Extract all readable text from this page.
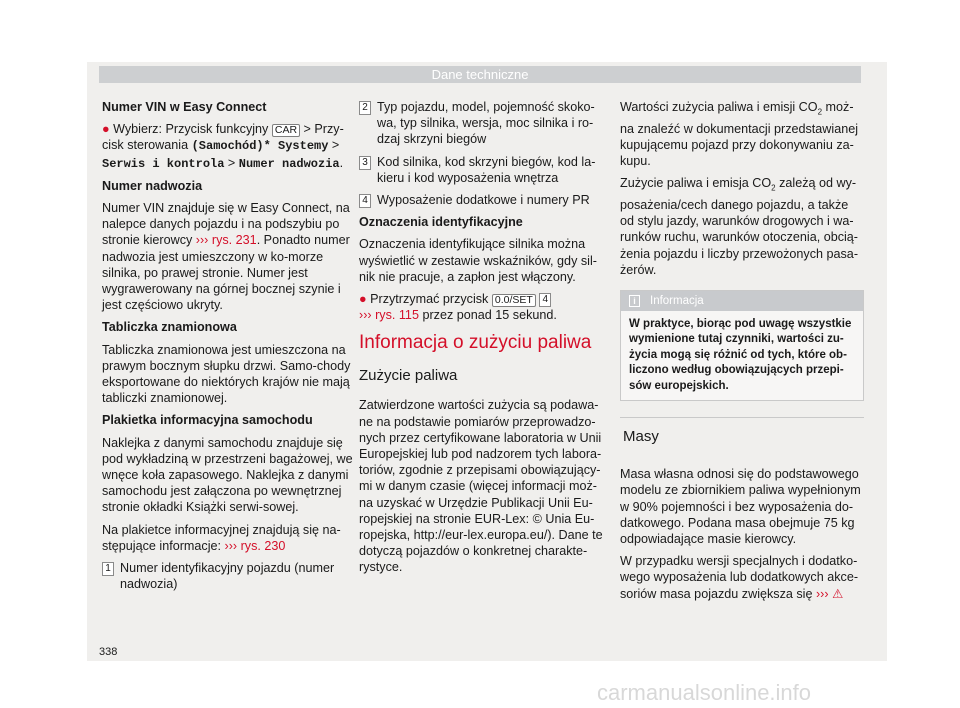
Dane techniczne

Numer VIN w Easy Connect

● Wybierz: Przycisk funkcyjny CAR > Przy-cisk sterowania (Samochód)* Systemy > Serwis i kontrola > Numer nadwozia.

Numer nadwozia

Numer VIN znajduje się w Easy Connect, na nalepce danych pojazdu i na podszybiu po stronie kierowcy ››› rys. 231. Ponadto numer nadwozia jest umieszczony w ko-morze silnika, po prawej stronie. Numer jest wygrawerowany na górnej bocznej szynie i jest częściowo ukryty.

Tabliczka znamionowa

Tabliczka znamionowa jest umieszczona na prawym bocznym słupku drzwi. Samo-chody eksportowane do niektórych krajów nie mają tabliczki znamionowej.

Plakietka informacyjna samochodu

Naklejka z danymi samochodu znajduje się pod wykładziną w przestrzeni bagażowej, we wnęce koła zapasowego. Naklejka z danymi samochodu jest załączona po wewnętrznej stronie okładki Książki serwi-sowej.

Na plakietce informacyjnej znajdują się na-stępujące informacje: ››› rys. 230

1 Numer identyfikacyjny pojazdu (numer nadwozia)
2 Typ pojazdu, model, pojemność skoko-wa, typ silnika, wersja, moc silnika i ro-dzaj skrzyni biegów
3 Kod silnika, kod skrzyni biegów, kod la-kieru i kod wyposażenia wnętrza
4 Wyposażenie dodatkowe i numery PR

Oznaczenia identyfikacyjne

Oznaczenia identyfikujące silnika można wyświetlić w zestawie wskaźników, gdy sil-nik nie pracuje, a zapłon jest włączony.

● Przytrzymać przycisk 0.0/SET 4
››› rys. 115 przez ponad 15 sekund.

Informacja o zużyciu paliwa
Zużycie paliwa

Zatwierdzone wartości zużycia są podawa-ne na podstawie pomiarów przeprowadzo-nych przez certyfikowane laboratoria w Unii Europejskiej lub pod nadzorem tych labora-toriów, zgodnie z przepisami obowiązujący-mi w danym czasie (więcej informacji moż-na uzyskać w Urzędzie Publikacji Unii Eu-ropejskiej na stronie EUR-Lex: © Unia Eu-ropejska, http://eur-lex.europa.eu/). Dane te dotyczą pojazdów o konkretnej charakte-rystyce.

Wartości zużycia paliwa i emisji $CO_2$ moż-na znaleźć w dokumentacji przedstawianej kupującemu pojazd przy dokonywaniu za-kupu.

Zużycie paliwa i emisja $CO_2$ zależą od wy-posażenia/cech danego pojazdu, a także od stylu jazdy, warunków drogowych i wa-runków ruchu, warunków otoczenia, obcią-żenia pojazdu i liczby przewożonych pasa-żerów.

i Informacja
W praktyce, biorąc pod uwagę wszystkie wymienione tutaj czynniki, wartości zu-życia mogą się różnić od tych, które ob-liczono według obowiązujących przepi-sów europejskich.
Masy

Masa własna odnosi się do podstawowego modelu ze zbiornikiem paliwa wypełnionym w 90% pojemności i bez wyposażenia do-datkowego. Podana masa obejmuje 75 kg odpowiadające masie kierowcy.

W przypadku wersji specjalnych i dodatko-wego wyposażenia lub dodatkowych akce-soriów masa pojazdu zwiększa się ››› ⚠

338
carmanualsonline.info
